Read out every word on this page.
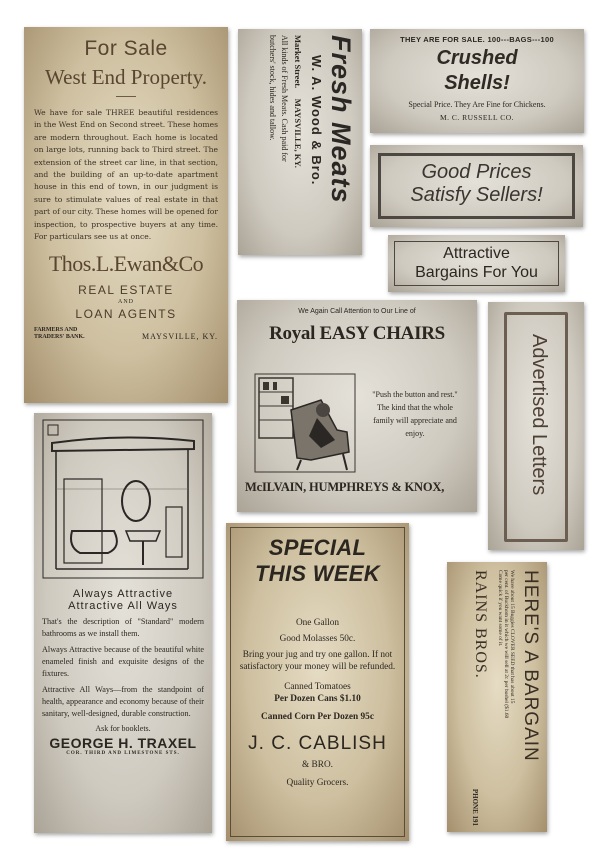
For Sale
West End Property.
We have for sale THREE beautiful residences in the West End on Second street. These homes are modern throughout. Each home is located on large lots, running back to Third street. The extension of the street car line, in that section, and the building of an up-to-date apartment house in this end of town, in our judgment is sure to stimulate values of real estate in that part of our city. These homes will be opened for inspection, to prospective buyers at any time. For particulars see us at once.
Thos.L.Ewan&Co
REAL ESTATE
AND
LOAN AGENTS
FARMERS AND TRADERS' BANK.	MAYSVILLE, KY.
Fresh Meats
W. A. Wood & Bro.
Market Street.     MAYSVILLE, KY.
All kinds of Fresh Meats. Cash paid for
butchers' stock, hides and tallow.	THEY ARE FOR SALE. 100---BAGS---100
Crushed
Shells!
Special Price. They Are Fine for Chickens.
M. C. RUSSELL CO.
Good Prices
Satisfy Sellers!
Attractive
Bargains For You
We Again Call Attention to Our Line of
Royal EASY CHAIRS
"Push the button and rest." The kind that the whole family will appreciate and enjoy.
McILVAIN, HUMPHREYS & KNOX,	Advertised Letters
Always Attractive
Attractive All Ways
That's the description of "Standard" modern bathrooms as we install them.
Always Attractive because of the beautiful white enameled finish and exquisite designs of the fixtures.
Attractive All Ways—from the standpoint of health, appearance and economy because of their sanitary, well-designed, durable construction.
Ask for booklets.
GEORGE H. TRAXEL
COR. THIRD AND LIMESTONE STS.
SPECIAL
THIS WEEK
One Gallon
Good Molasses 50c.
Bring your jug and try one gallon. If not satisfactory your money will be refunded.
Canned Tomatoes
Per Dozen Cans $1.10
Canned Corn Per Dozen 95c
J. C. CABLISH
& BRO.
Quality Grocers.
HERE'S A BARGAIN
We have about 15 Buggies CLOVER SEED that has about 15
per cent. of Buckhorn in it which we will sell at 2c per bushel ($1.60
Come quick if you want some of it.
RAINS BROS.
PHONE 191
